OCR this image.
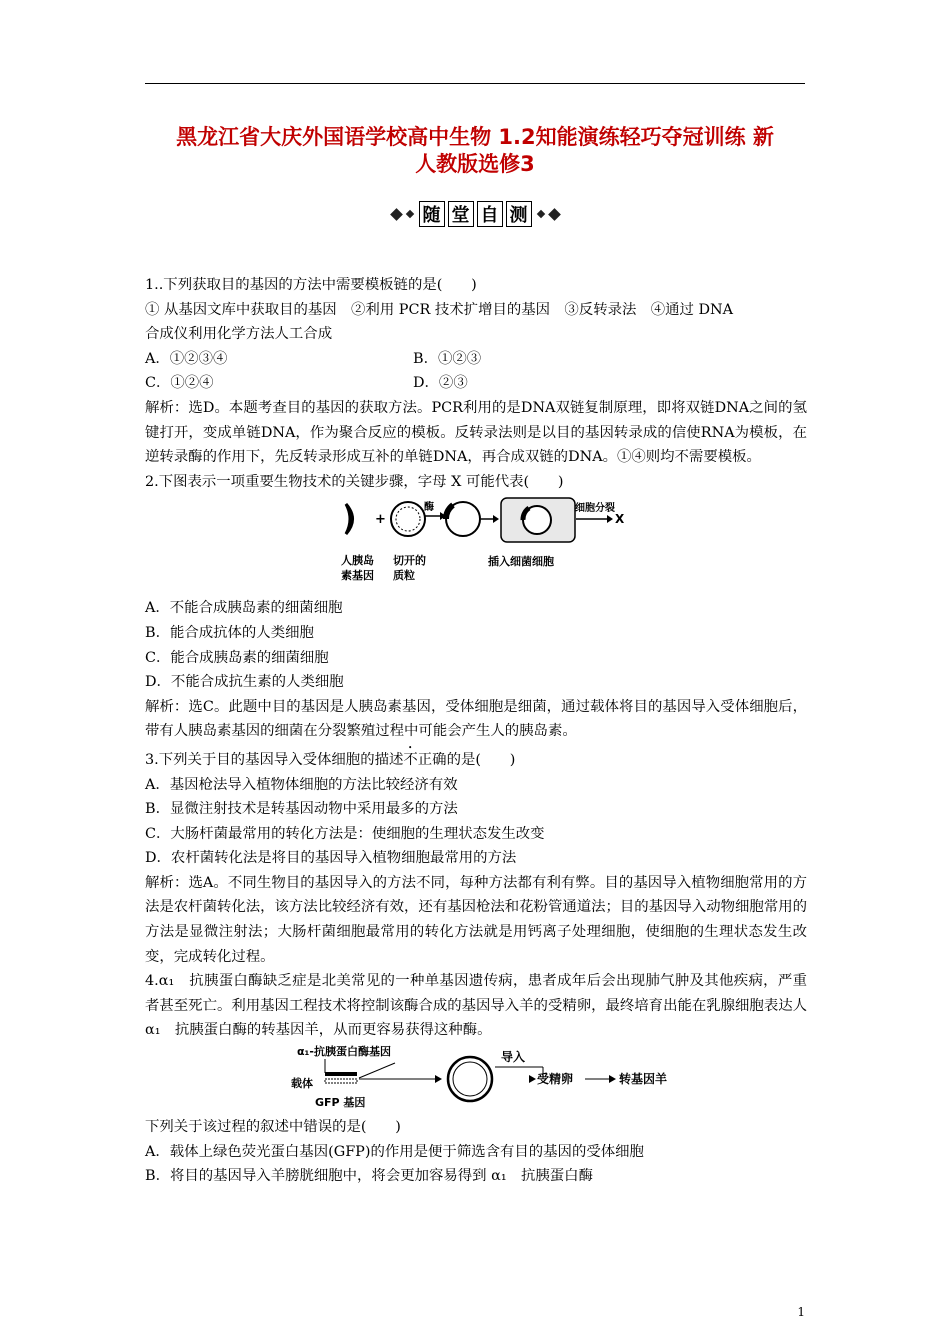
黑龙江省大庆外国语学校高中生物 1.2知能演练轻巧夺冠训练 新
人教版选修3
随 堂 自 测

1..下列获取目的基因的方法中需要模板链的是(　　)

① 从基因文库中获取目的基因　②利用 PCR 技术扩增目的基因　③反转录法　④通过 DNA

合成仪利用化学方法人工合成

A．①②③④	B．①②③
C．①②④	D．②③

解析：选D。本题考查目的基因的获取方法。PCR利用的是DNA双链复制原理，即将双链DNA之间的氢键打开，变成单链DNA，作为聚合反应的模板。反转录法则是以目的基因转录成的信使RNA为模板，在逆转录酶的作用下，先反转录形成互补的单链DNA，再合成双链的DNA。①④则均不需要模板。

2.下图表示一项重要生物技术的关键步骤，字母 X 可能代表(　　)

+
酶	细胞分裂
X
人胰岛
素基因
切开的
质粒
插入细菌细胞

A．不能合成胰岛素的细菌细胞

B．能合成抗体的人类细胞

C．能合成胰岛素的细菌细胞

D．不能合成抗生素的人类细胞

解析：选C。此题中目的基因是人胰岛素基因，受体细胞是细菌，通过载体将目的基因导入受体细胞后，带有人胰岛素基因的细菌在分裂繁殖过程中可能会产生人的胰岛素。

3.下列关于目的基因导入受体细胞的描述不正确的是(　　)

A．基因枪法导入植物体细胞的方法比较经济有效

B．显微注射技术是转基因动物中采用最多的方法

C．大肠杆菌最常用的转化方法是：使细胞的生理状态发生改变

D．农杆菌转化法是将目的基因导入植物细胞最常用的方法

解析：选A。不同生物目的基因导入的方法不同，每种方法都有利有弊。目的基因导入植物细胞常用的方法是农杆菌转化法，该方法比较经济有效，还有基因枪法和花粉管通道法；目的基因导入动物细胞常用的方法是显微注射法；大肠杆菌细胞最常用的转化方法就是用钙离子处理细胞，使细胞的生理状态发生改变，完成转化过程。

4.α₁　抗胰蛋白酶缺乏症是北美常见的一种单基因遗传病，患者成年后会出现肺气肿及其他疾病，严重者甚至死亡。利用基因工程技术将控制该酶合成的基因导入羊的受精卵，最终培育出能在乳腺细胞表达人 α₁　抗胰蛋白酶的转基因羊，从而更容易获得这种酶。

α₁-抗胰蛋白酶基因
载体
GFP 基因
导入
受精卵	转基因羊

下列关于该过程的叙述中错误的是(　　)

A．载体上绿色荧光蛋白基因(GFP)的作用是便于筛选含有目的基因的受体细胞

B．将目的基因导入羊膀胱细胞中，将会更加容易得到 α₁　抗胰蛋白酶

1
